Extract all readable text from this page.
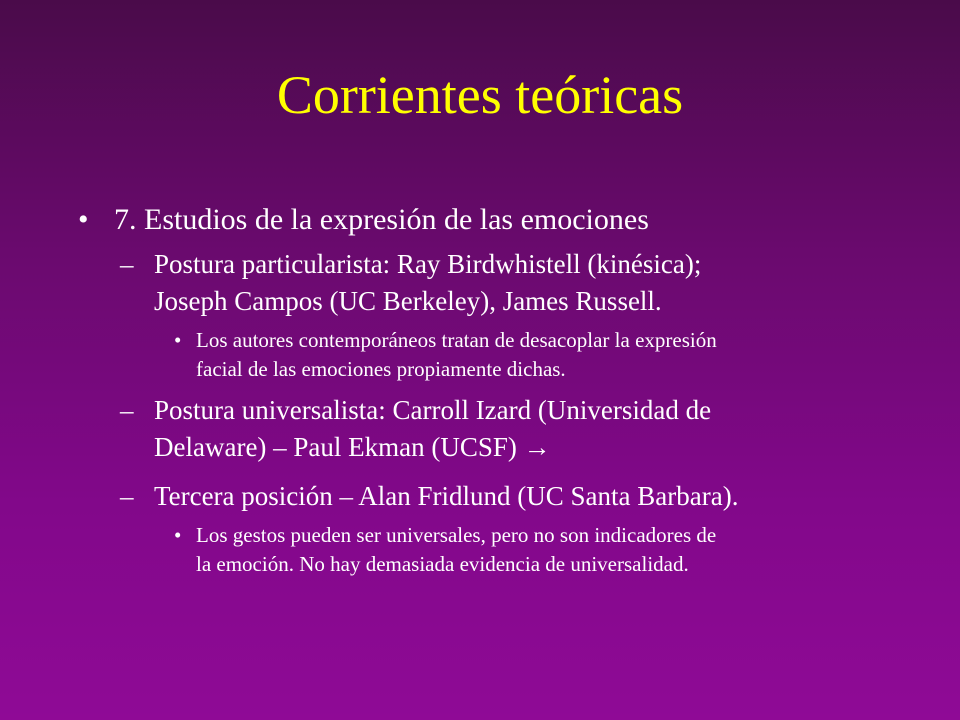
Corrientes teóricas
• 7. Estudios de la expresión de las emociones
– Postura particularista: Ray Birdwhistell (kinésica);
Joseph Campos (UC Berkeley), James Russell.
• Los autores contemporáneos tratan de desacoplar la expresión
facial de las emociones propiamente dichas.
– Postura universalista: Carroll Izard (Universidad de
Delaware) – Paul Ekman (UCSF) →
– Tercera posición – Alan Fridlund (UC Santa Barbara).
• Los gestos pueden ser universales, pero no son indicadores de
la emoción. No hay demasiada evidencia de universalidad.
